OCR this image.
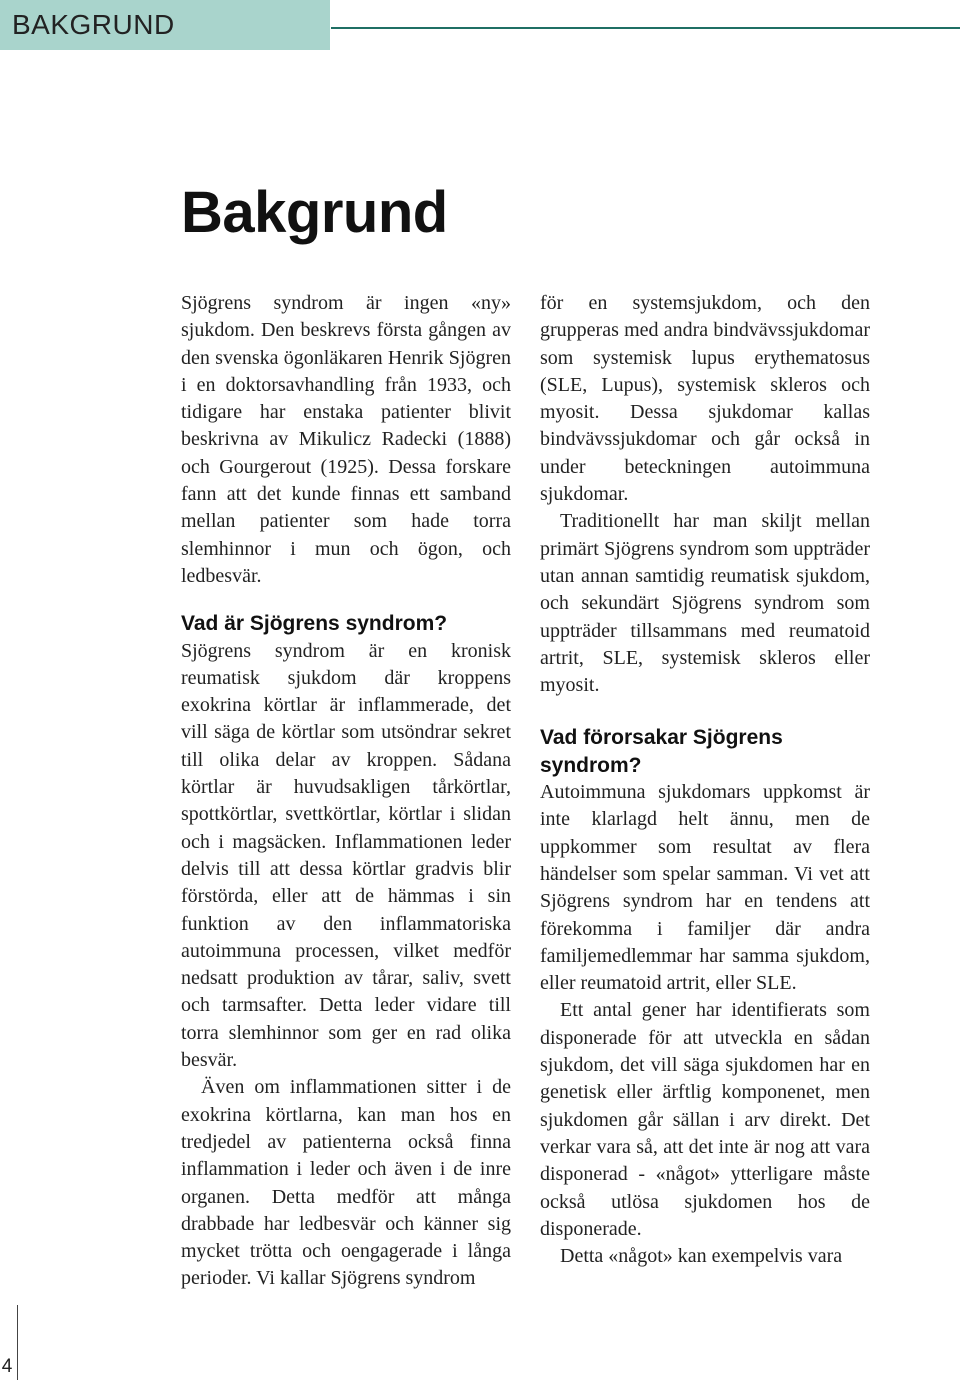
BAKGRUND
Bakgrund

Sjögrens syndrom är ingen «ny» sjukdom. Den beskrevs första gången av den svenska ögonläkaren Henrik Sjögren i en doktorsavhandling från 1933, och tidigare har enstaka patienter blivit beskrivna av Mikulicz Radecki (1888) och Gourgerout (1925). Dessa forskare fann att det kunde finnas ett samband mellan patienter som hade torra slemhinnor i mun och ögon, och ledbesvär.

Vad är Sjögrens syndrom?

Sjögrens syndrom är en kronisk reumatisk sjukdom där kroppens exokrina körtlar är inflammerade, det vill säga de körtlar som utsöndrar sekret till olika delar av kroppen. Sådana körtlar är huvudsakligen tårkörtlar, spottkörtlar, svettkörtlar, körtlar i slidan och i magsäcken. Inflammationen leder delvis till att dessa körtlar gradvis blir förstörda, eller att de hämmas i sin funktion av den inflammatoriska autoimmuna processen, vilket medför nedsatt produktion av tårar, saliv, svett och tarmsafter. Detta leder vidare till torra slemhinnor som ger en rad olika besvär.

Även om inflammationen sitter i de exokrina körtlarna, kan man hos en tredjedel av patienterna också finna inflammation i leder och även i de inre organen. Detta medför att många drabbade har ledbesvär och känner sig mycket trötta och oengagerade i långa perioder. Vi kallar Sjögrens syndrom

för en systemsjukdom, och den grupperas med andra bindvävssjukdomar som systemisk lupus erythematosus (SLE, Lupus), systemisk skleros och myosit. Dessa sjukdomar kallas bindvävssjukdomar och går också in under beteckningen autoimmuna sjukdomar.

Traditionellt har man skiljt mellan primärt Sjögrens syndrom som uppträder utan annan samtidig reumatisk sjukdom, och sekundärt Sjögrens syndrom som uppträder tillsammans med reumatoid artrit, SLE, systemisk skleros eller myosit.

Vad förorsakar Sjögrens syndrom?

Autoimmuna sjukdomars uppkomst är inte klarlagd helt ännu, men de uppkommer som resultat av flera händelser som spelar samman. Vi vet att Sjögrens syndrom har en tendens att förekomma i familjer där andra familjemedlemmar har samma sjukdom, eller reumatoid artrit, eller SLE.

Ett antal gener har identifierats som disponerade för att utveckla en sådan sjukdom, det vill säga sjukdomen har en genetisk eller ärftlig komponenet, men sjukdomen går sällan i arv direkt. Det verkar vara så, att det inte är nog att vara disponerad - «något» ytterligare måste också utlösa sjukdomen hos de disponerade.

Detta «något» kan exempelvis vara

4
